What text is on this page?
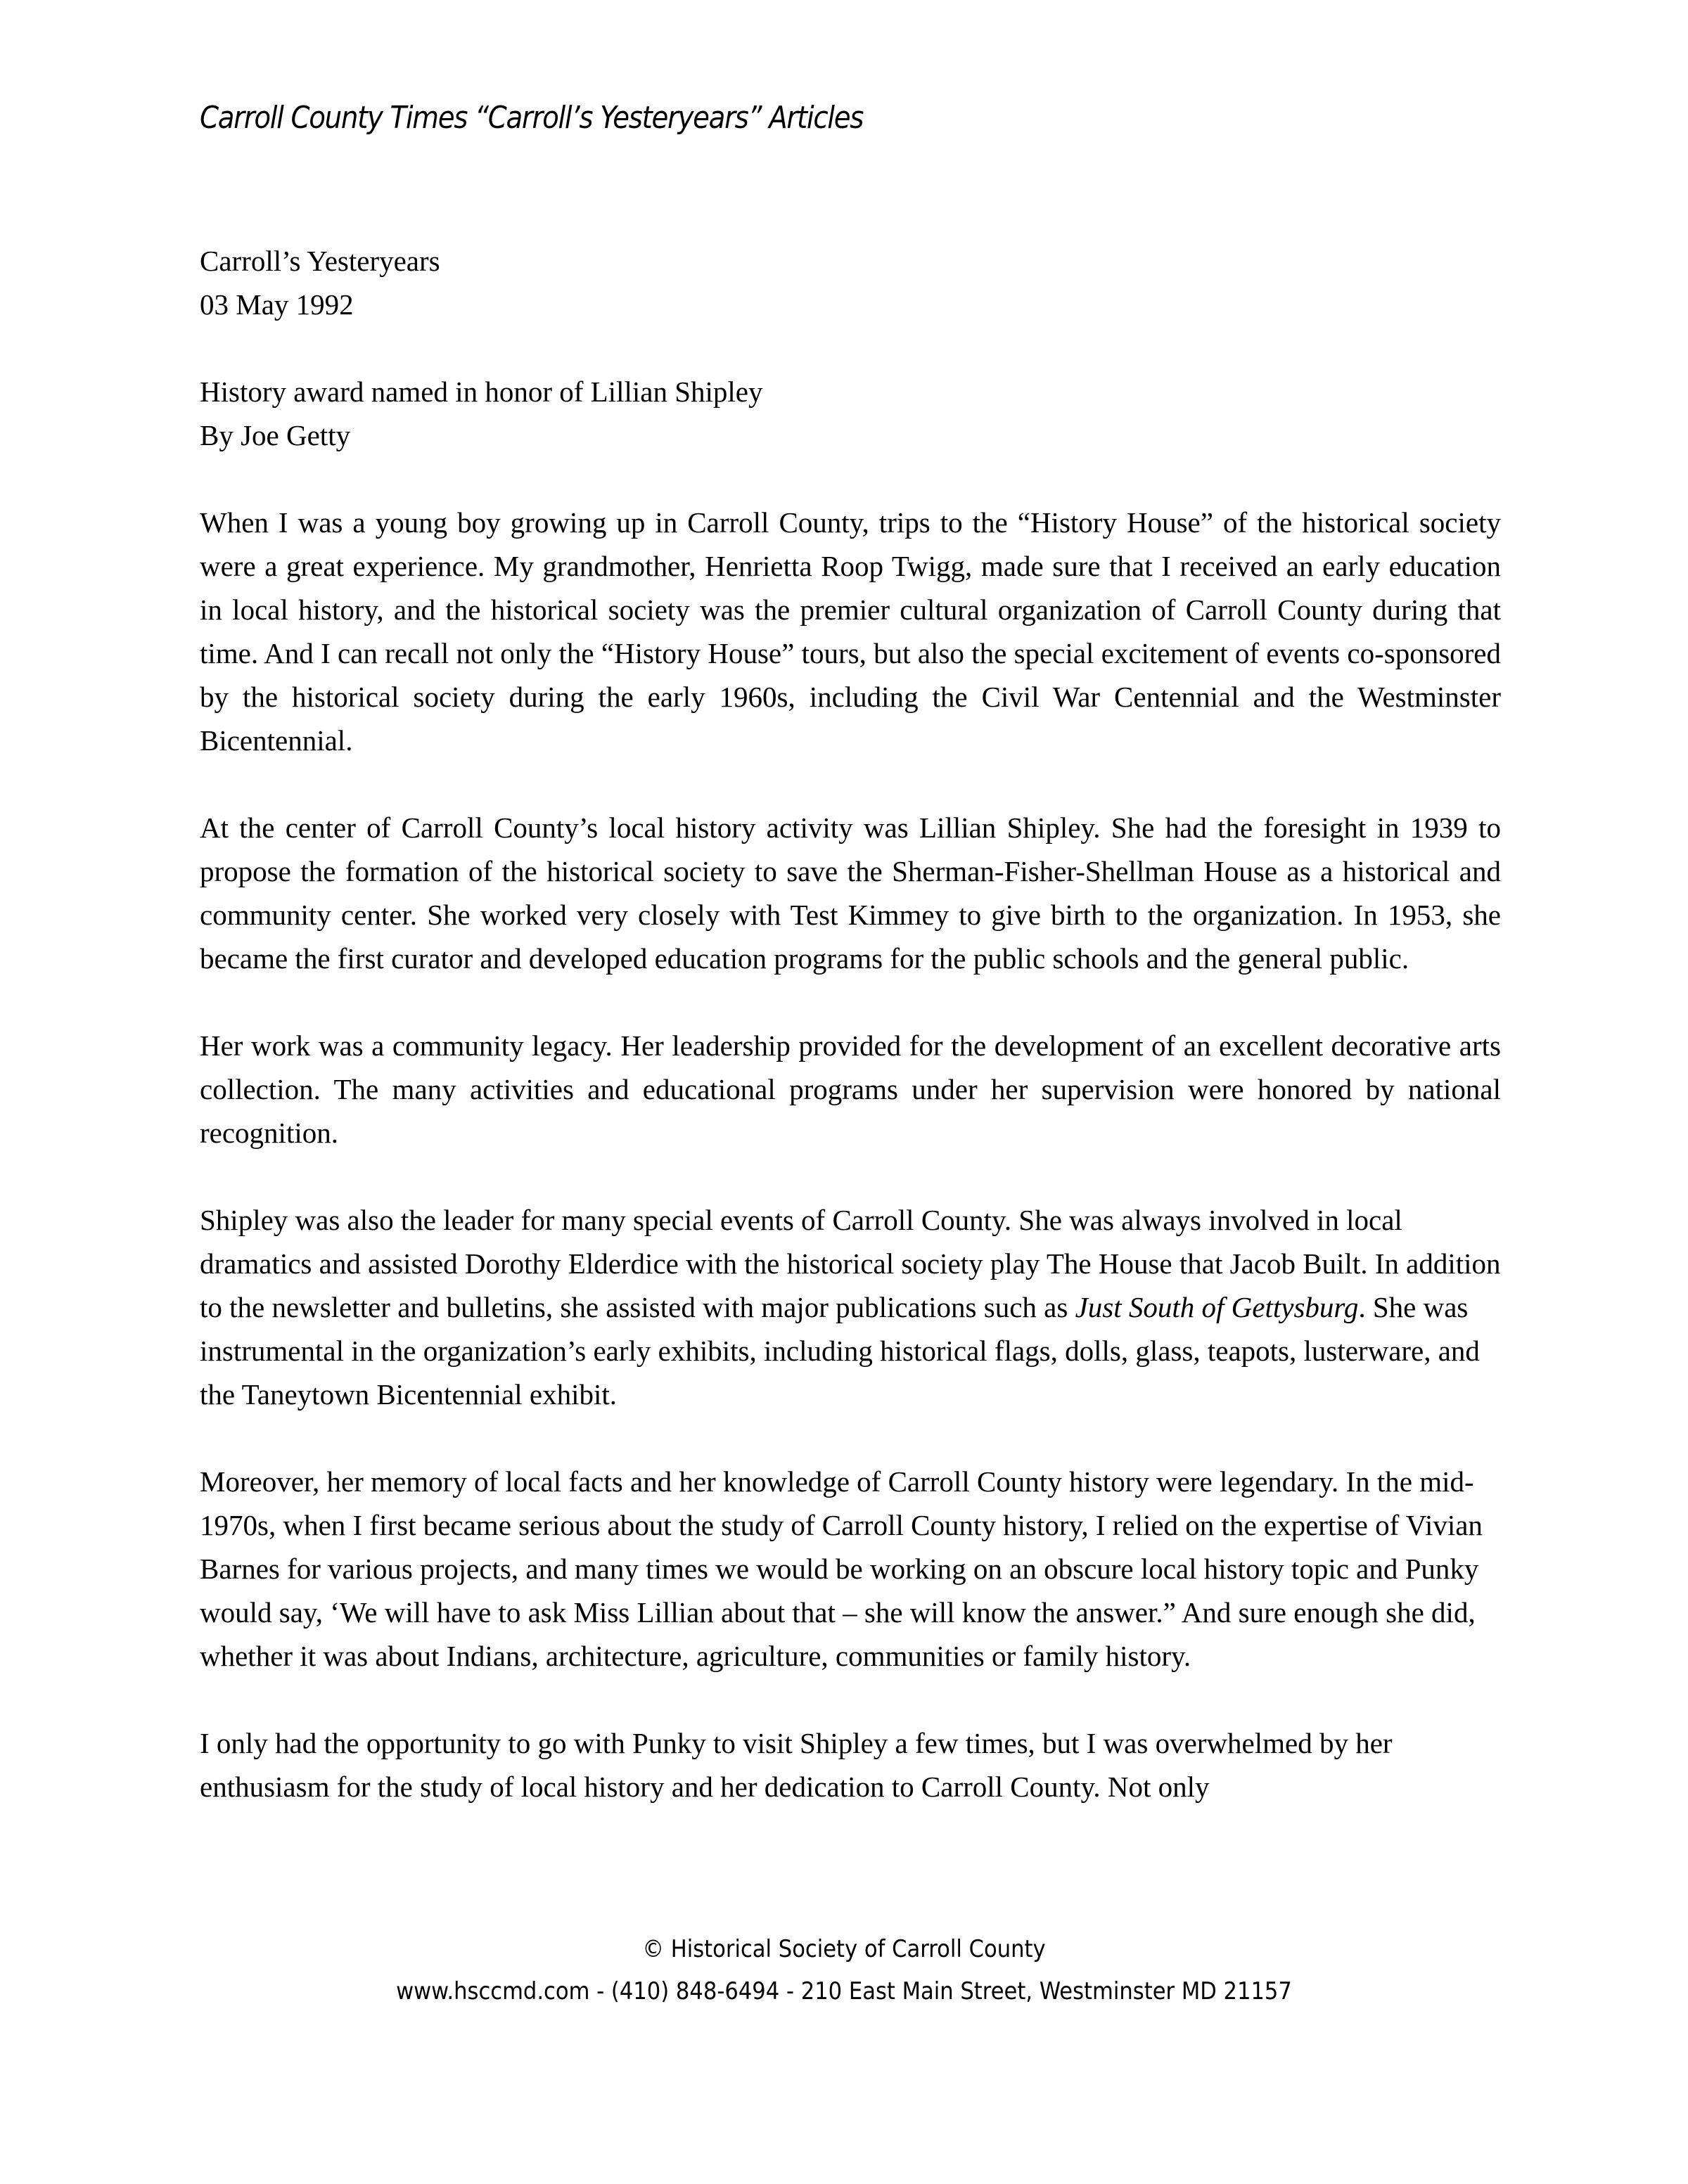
Carroll County Times “Carroll’s Yesteryears” Articles

Carroll’s Yesteryears

03 May 1992

History award named in honor of Lillian Shipley

By Joe Getty

When I was a young boy growing up in Carroll County, trips to the “History House” of the historical society were a great experience. My grandmother, Henrietta Roop Twigg, made sure that I received an early education in local history, and the historical society was the premier cultural organization of Carroll County during that time. And I can recall not only the “History House” tours, but also the special excitement of events co-sponsored by the historical society during the early 1960s, including the Civil War Centennial and the Westminster Bicentennial.

At the center of Carroll County’s local history activity was Lillian Shipley. She had the foresight in 1939 to propose the formation of the historical society to save the Sherman-Fisher-Shellman House as a historical and community center. She worked very closely with Test Kimmey to give birth to the organization. In 1953, she became the first curator and developed education programs for the public schools and the general public.

Her work was a community legacy. Her leadership provided for the development of an excellent decorative arts collection. The many activities and educational programs under her supervision were honored by national recognition.

Shipley was also the leader for many special events of Carroll County. She was always involved in local dramatics and assisted Dorothy Elderdice with the historical society play The House that Jacob Built. In addition to the newsletter and bulletins, she assisted with major publications such as Just South of Gettysburg. She was instrumental in the organization’s early exhibits, including historical flags, dolls, glass, teapots, lusterware, and the Taneytown Bicentennial exhibit.

Moreover, her memory of local facts and her knowledge of Carroll County history were legendary. In the mid-1970s, when I first became serious about the study of Carroll County history, I relied on the expertise of Vivian Barnes for various projects, and many times we would be working on an obscure local history topic and Punky would say, ‘We will have to ask Miss Lillian about that – she will know the answer.” And sure enough she did, whether it was about Indians, architecture, agriculture, communities or family history.

I only had the opportunity to go with Punky to visit Shipley a few times, but I was overwhelmed by her enthusiasm for the study of local history and her dedication to Carroll County. Not only

© Historical Society of Carroll County
www.hsccmd.com - (410) 848-6494 - 210 East Main Street, Westminster MD 21157
